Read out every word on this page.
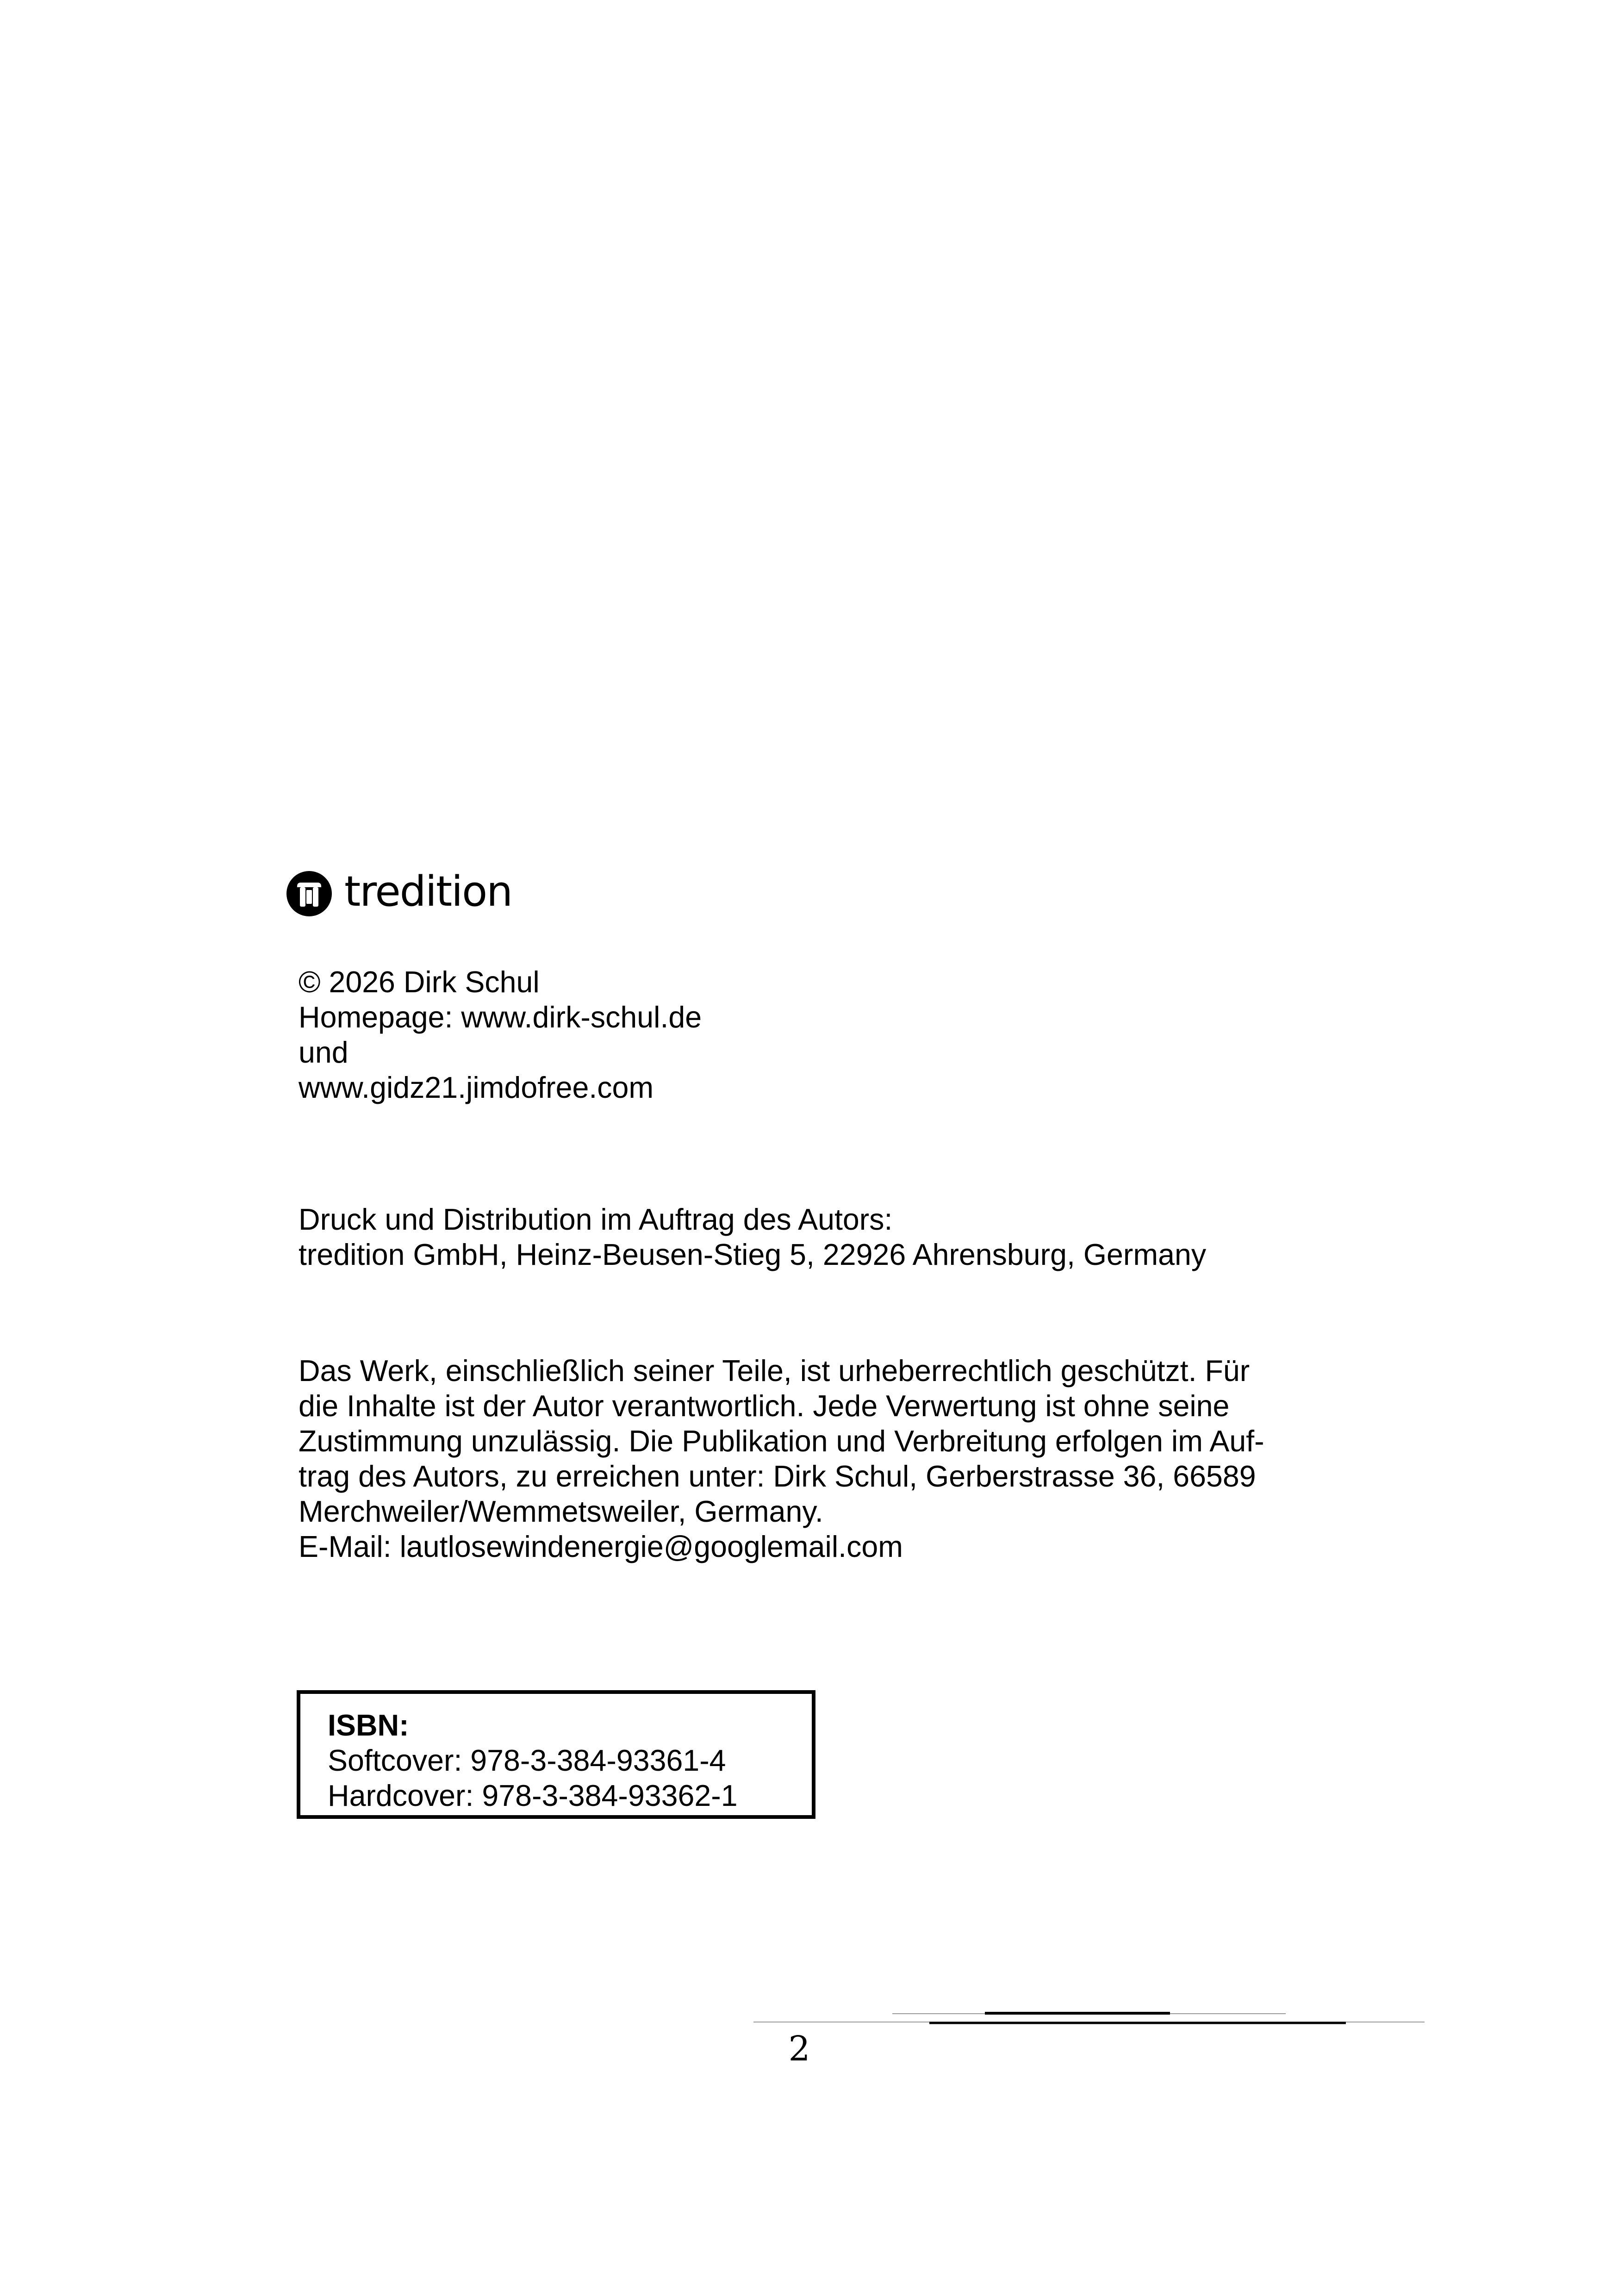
tredition
© 2026 Dirk Schul
Homepage: www.dirk-schul.de
und
www.gidz21.jimdofree.com
Druck und Distribution im Auftrag des Autors:
tredition GmbH, Heinz-Beusen-Stieg 5, 22926 Ahrensburg, Germany
Das Werk, einschließlich seiner Teile, ist urheberrechtlich geschützt. Für
die Inhalte ist der Autor verantwortlich. Jede Verwertung ist ohne seine
Zustimmung unzulässig. Die Publikation und Verbreitung erfolgen im Auf-
trag des Autors, zu erreichen unter: Dirk Schul, Gerberstrasse 36, 66589
Merchweiler/Wemmetsweiler, Germany.
E-Mail: lautlosewindenergie@googlemail.com
ISBN:
Softcover: 978-3-384-93361-4
Hardcover: 978-3-384-93362-1
2
